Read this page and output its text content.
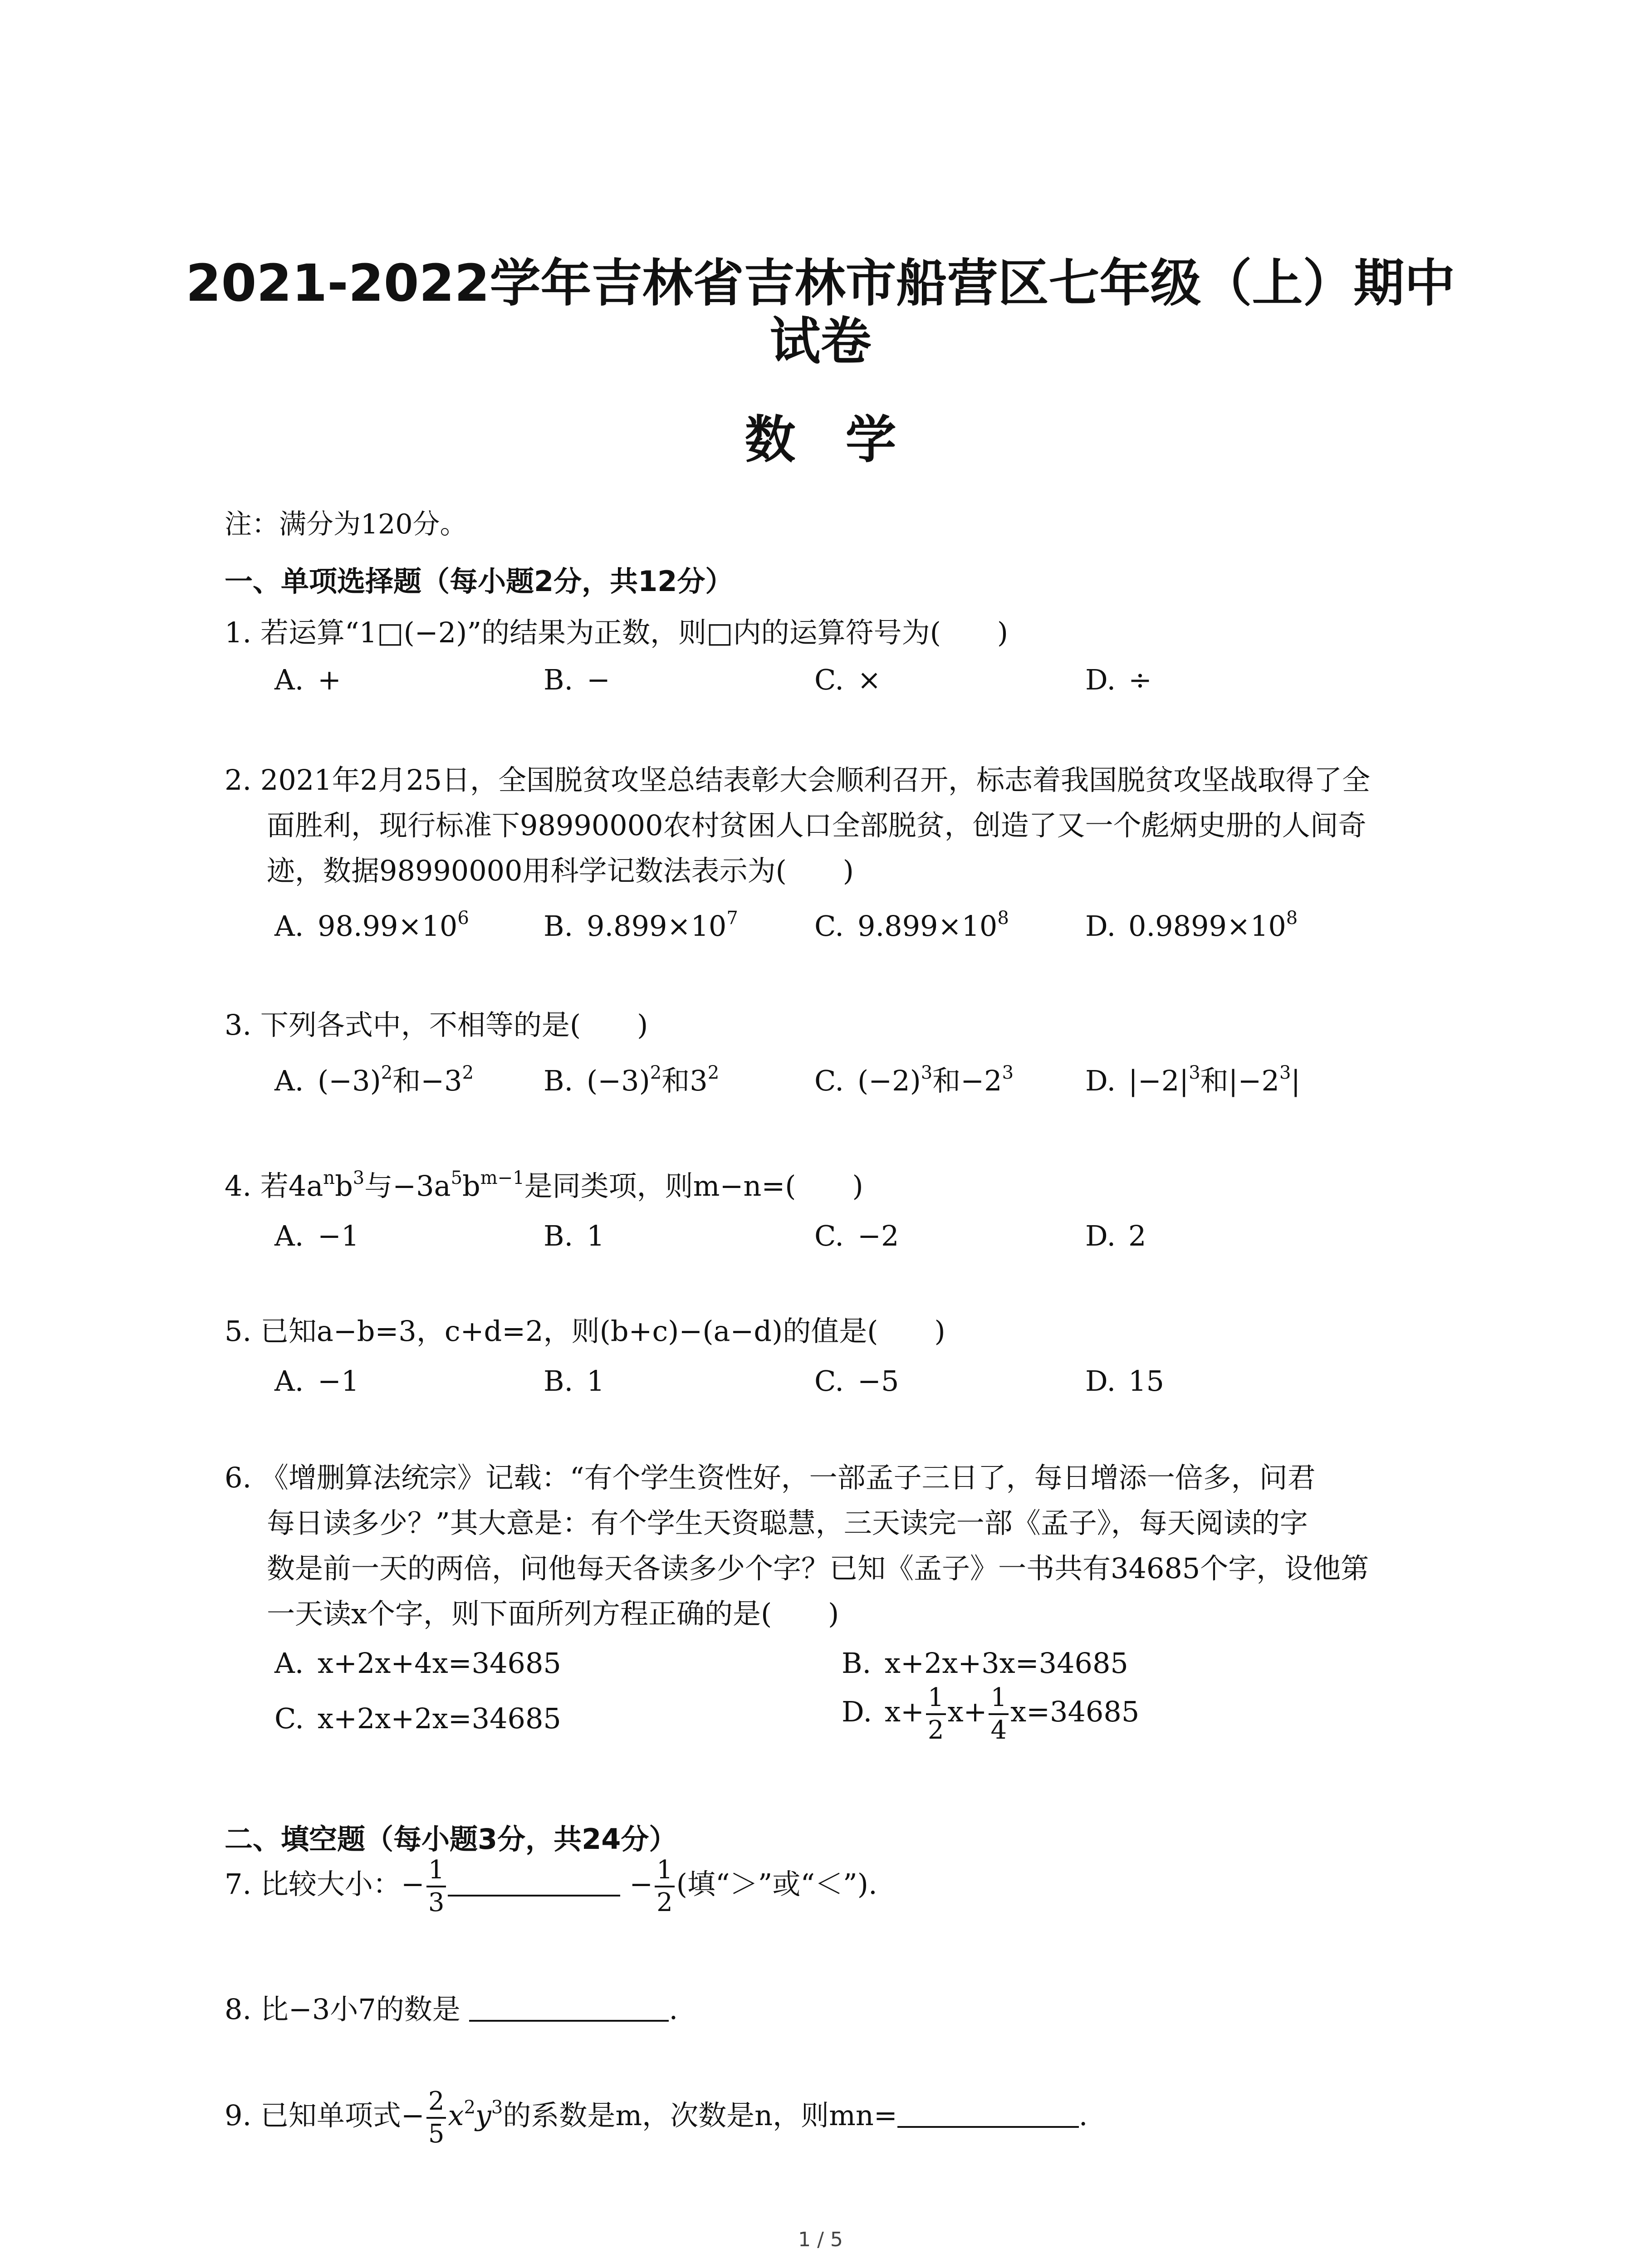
2021-2022学年吉林省吉林市船营区七年级（上）期中
试卷
数学
注：满分为120分。
一、单项选择题（每小题2分，共12分）
1. 若运算“1□(−2)”的结果为正数，则□内的运算符号为(　　)
A. +	B. −	C. ×	D. ÷
2. 2021年2月25日，全国脱贫攻坚总结表彰大会顺利召开，标志着我国脱贫攻坚战取得了全
面胜利，现行标准下98990000农村贫困人口全部脱贫，创造了又一个彪炳史册的人间奇
迹，数据98990000用科学记数法表示为(　　)
A. $98.99\times 10^6$	B. $9.899\times 10^7$	C. $9.899\times 10^8$	D. $0.9899\times 10^8$
3. 下列各式中，不相等的是(　　)
A. $(-3)^2$和$-3^2$ B. $(-3)^2$和$3^2$	C. $(-2)^3$和$-2^3$	D. $|-2|^3$和$|-2^3|$
4. 若$4a^nb^3$与$-3a^5b^{m-1}$是同类项，则m−n=(　　)
A. −1	B. 1	C. −2	D. 2
5. 已知a−b=3，c+d=2，则(b+c)−(a−d)的值是(　　)
A. −1	B. 1	C. −5	D. 15
6. 《增删算法统宗》记载：“有个学生资性好，一部孟子三日了，每日增添一倍多，问君
每日读多少？”其大意是：有个学生天资聪慧，三天读完一部《孟子》，每天阅读的字
数是前一天的两倍，问他每天各读多少个字？已知《孟子》一书共有34685个字，设他第
一天读x个字，则下面所列方程正确的是(　　)
A. x+2x+4x=34685	B. x+2x+3x=34685
C. x+2x+2x=34685	D. $x+ \frac{1}{2} x+ \frac{1}{4} x=34685$
二、填空题（每小题3分，共24分）
7. 比较大小：− $\frac{1}{3}$	− $\frac{1}{2}$ (填“＞”或“＜”).
8. 比−3小7的数是	.
9. 已知单项式− $\frac{2}{5} x^2y^3$的系数是m，次数是n，则mn=	.
1 / 5
